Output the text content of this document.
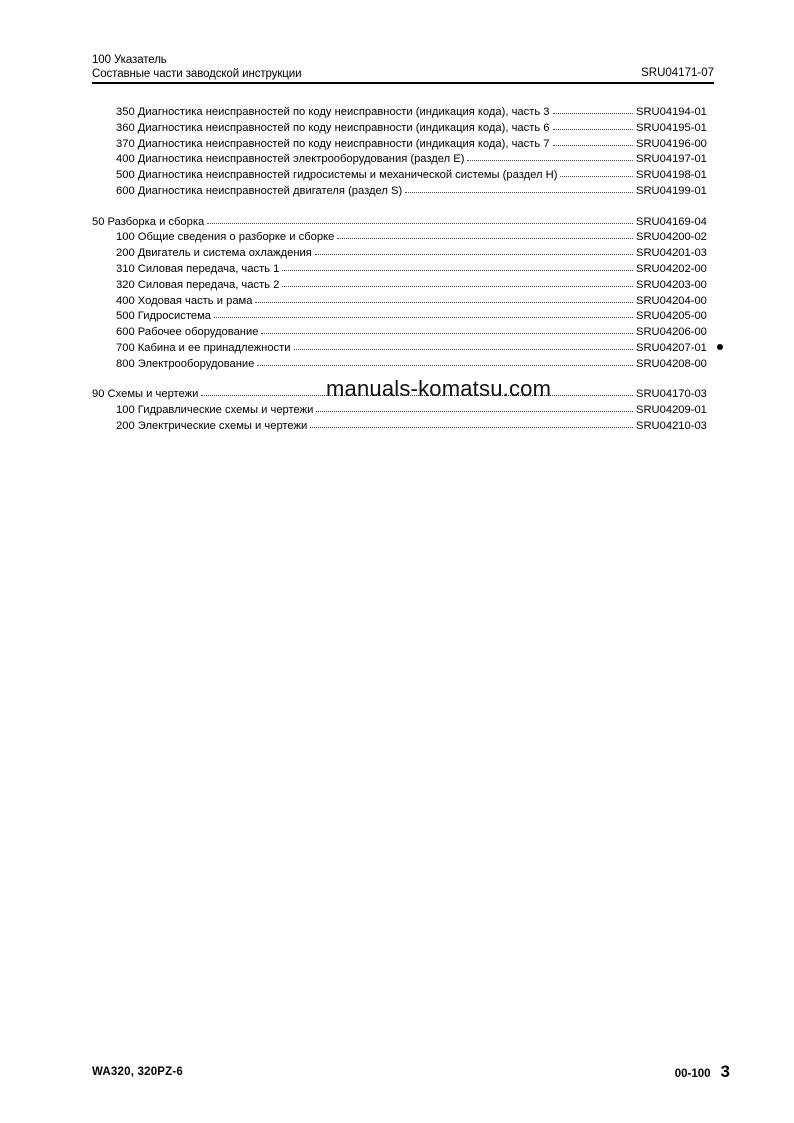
100 Указатель
Составные части заводской инструкции	SRU04171-07
350 Диагностика неисправностей по коду неисправности (индикация кода), часть 3	SRU04194-01
360 Диагностика неисправностей по коду неисправности (индикация кода), часть 6	SRU04195-01
370 Диагностика неисправностей по коду неисправности (индикация кода), часть 7	SRU04196-00
400 Диагностика неисправностей электрооборудования (раздел E)	SRU04197-01
500 Диагностика неисправностей гидросистемы и механической системы (раздел H)	SRU04198-01
600 Диагностика неисправностей двигателя (раздел S)	SRU04199-01
50 Разборка и сборка	SRU04169-04
100 Общие сведения о разборке и сборке	SRU04200-02
200 Двигатель и система охлаждения	SRU04201-03
310 Силовая передача, часть 1	SRU04202-00
320 Силовая передача, часть 2	SRU04203-00
400 Ходовая часть и рама	SRU04204-00
500 Гидросистема	SRU04205-00
600 Рабочее оборудование	SRU04206-00
700 Кабина и ее принадлежности	SRU04207-01
800 Электрооборудование	SRU04208-00
90 Схемы и чертежи	SRU04170-03
100 Гидравлические схемы и чертежи	SRU04209-01
200 Электрические схемы и чертежи	SRU04210-03
manuals-komatsu.com
WA320, 320PZ-6	00-100 3
